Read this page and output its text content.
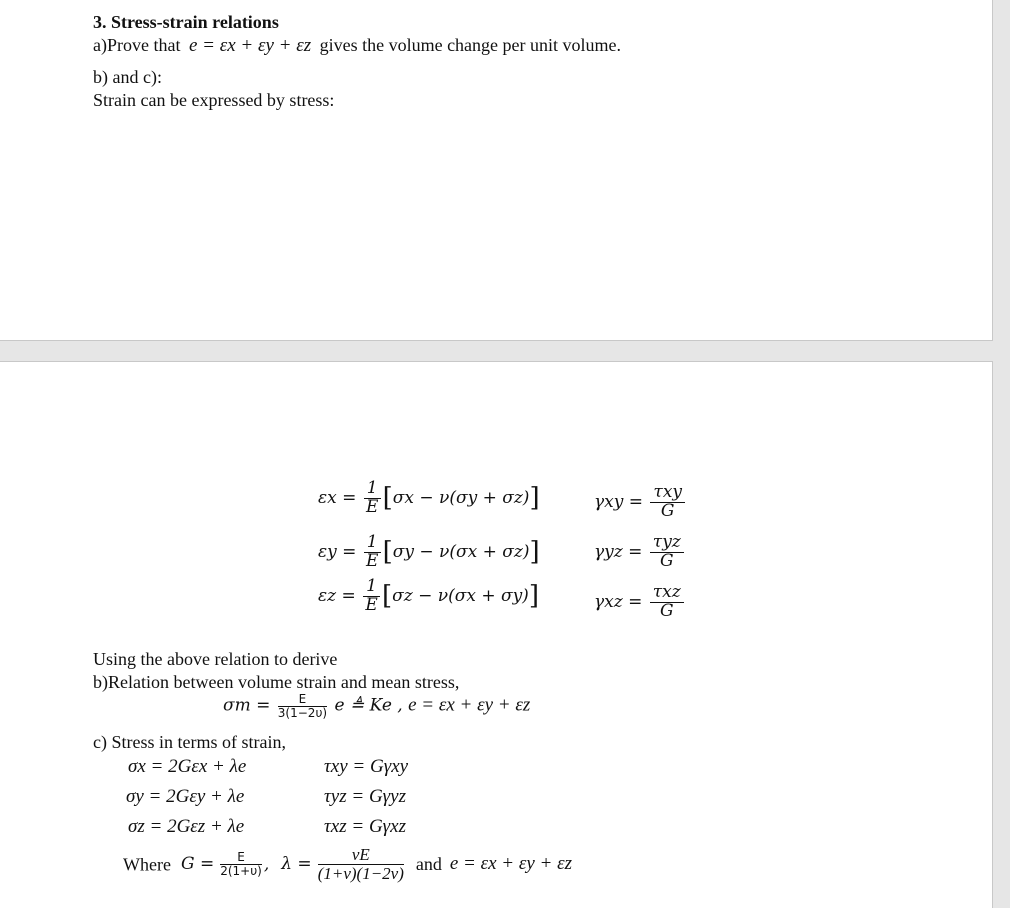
3. Stress-strain relations
a)Prove that e = εx + εy + εz gives the volume change per unit volume.
b) and c):
Strain can be expressed by stress:
$\varepsilon x = \frac{1}{E} [\sigma x - \nu(\sigma y + \sigma z)]$
$\varepsilon y = \frac{1}{E} [\sigma y - \nu(\sigma x + \sigma z)]$
$\varepsilon z = \frac{1}{E} [\sigma z - \nu(\sigma x + \sigma y)]$
$\gamma xy = \frac{\text{τxy}}{G}$
$\gamma yz = \frac{\text{τyz}}{G}$
$\gamma xz = \frac{\text{τxz}}{G}$
Using the above relation to derive
b)Relation between volume strain and mean stress,
$\sigma m = \frac{E}{3(1-2\upsilon)}$ e ≜ Ke , e = εx + εy + εz
c) Stress in terms of strain,
σx = 2Gεx + λe
σy = 2Gεy + λe
σz = 2Gεz + λe
τxy = Gγxy
τyz = Gγyz
τxz = Gγxz
Where $G = \frac{E}{2(1+\upsilon)}$ , $\lambda = \frac{\nu E}{(1+\nu)(1-2\nu)}$ and e = εx + εy + εz
